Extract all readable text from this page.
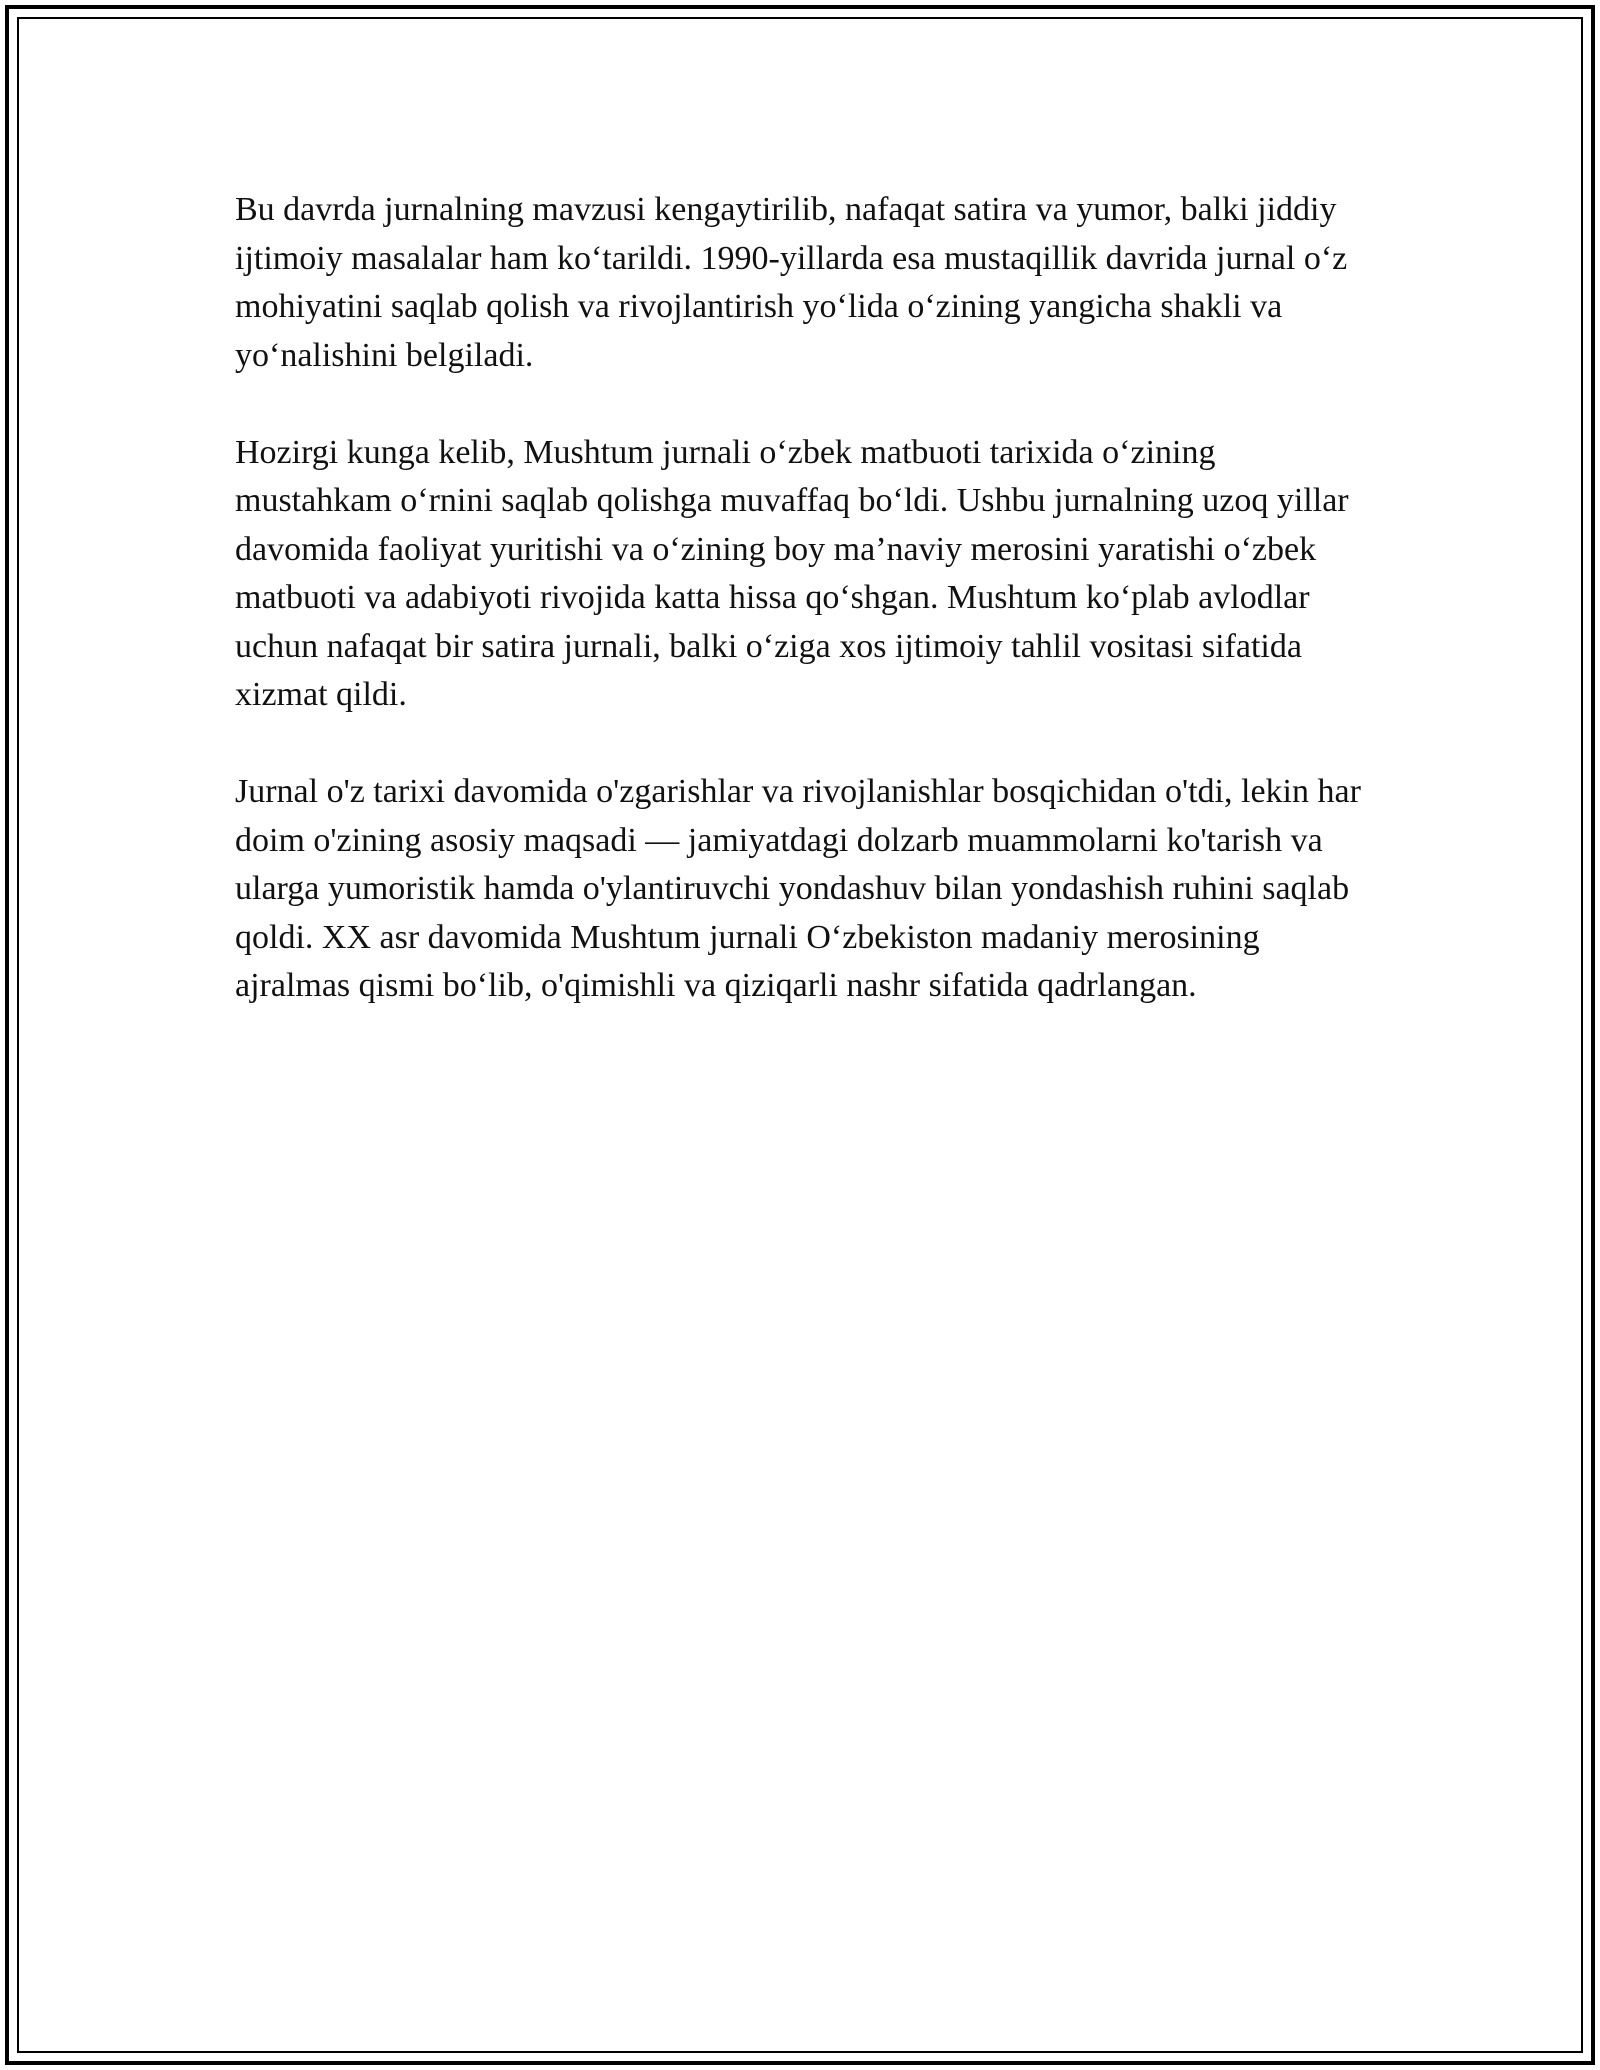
Bu davrda jurnalning mavzusi kengaytirilib, nafaqat satira va yumor, balki jiddiy ijtimoiy masalalar ham ko‘tarildi. 1990-yillarda esa mustaqillik davrida jurnal o‘z mohiyatini saqlab qolish va rivojlantirish yo‘lida o‘zining yangicha shakli va yo‘nalishini belgiladi.

Hozirgi kunga kelib, Mushtum jurnali o‘zbek matbuoti tarixida o‘zining mustahkam o‘rnini saqlab qolishga muvaffaq bo‘ldi. Ushbu jurnalning uzoq yillar davomida faoliyat yuritishi va o‘zining boy ma’naviy merosini yaratishi o‘zbek matbuoti va adabiyoti rivojida katta hissa qo‘shgan. Mushtum ko‘plab avlodlar uchun nafaqat bir satira jurnali, balki o‘ziga xos ijtimoiy tahlil vositasi sifatida xizmat qildi.

Jurnal o'z tarixi davomida o'zgarishlar va rivojlanishlar bosqichidan o'tdi, lekin har doim o'zining asosiy maqsadi — jamiyatdagi dolzarb muammolarni ko'tarish va ularga yumoristik hamda o'ylantiruvchi yondashuv bilan yondashish ruhini saqlab qoldi. XX asr davomida Mushtum jurnali O‘zbekiston madaniy merosining ajralmas qismi bo‘lib, o'qimishli va qiziqarli nashr sifatida qadrlangan.
